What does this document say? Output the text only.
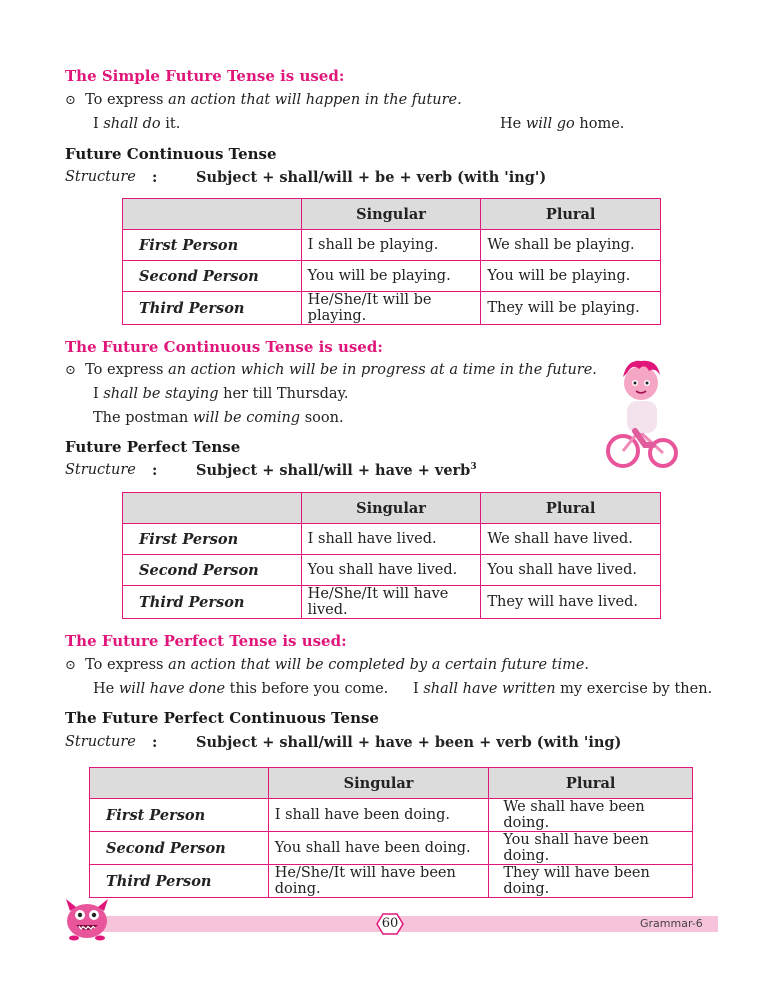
The Simple Future Tense is used:
⊙ To express an action that will happen in the future.
I shall do it.	He will go home.
Future Continuous Tense
Structure :	Subject + shall/will + be + verb (with 'ing')
	Singular	Plural
First Person	I shall be playing.	We shall be playing.
Second Person	You will be playing.	You will be playing.
Third Person	He/She/It will be playing.	They will be playing.
The Future Continuous Tense is used:
⊙ To express an action which will be in progress at a time in the future.
I shall be staying her till Thursday.
The postman will be coming soon.
Future Perfect Tense
Structure :	Subject + shall/will + have + verb$^3$
	Singular	Plural
First Person	I shall have lived.	We shall have lived.
Second Person	You shall have lived.	You shall have lived.
Third Person	He/She/It will have lived.	They will have lived.
The Future Perfect Tense is used:
⊙ To express an action that will be completed by a certain future time.
He will have done this before you come. I shall have written my exercise by then.
The Future Perfect Continuous Tense
Structure :	Subject + shall/will + have + been + verb (with 'ing)
	Singular	Plural
First Person	I shall have been doing.	We shall have been doing.
Second Person	You shall have been doing.	You shall have been doing.
Third Person	He/She/It will have been doing.	They will have been doing.
60	Grammar-6
